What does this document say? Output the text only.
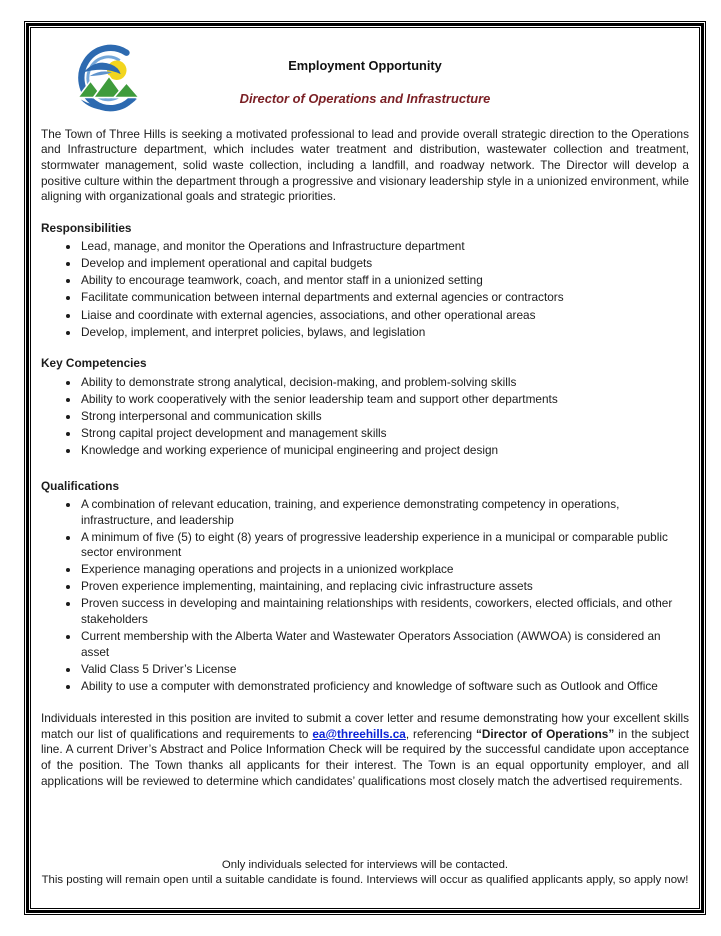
Employment Opportunity
Director of Operations and Infrastructure

The Town of Three Hills is seeking a motivated professional to lead and provide overall strategic direction to the Operations and Infrastructure department, which includes water treatment and distribution, wastewater collection and treatment, stormwater management, solid waste collection, including a landfill, and roadway network. The Director will develop a positive culture within the department through a progressive and visionary leadership style in a unionized environment, while aligning with organizational goals and strategic priorities.

Responsibilities
• Lead, manage, and monitor the Operations and Infrastructure department
• Develop and implement operational and capital budgets
• Ability to encourage teamwork, coach, and mentor staff in a unionized setting
• Facilitate communication between internal departments and external agencies or contractors
• Liaise and coordinate with external agencies, associations, and other operational areas
• Develop, implement, and interpret policies, bylaws, and legislation
Key Competencies
• Ability to demonstrate strong analytical, decision-making, and problem-solving skills
• Ability to work cooperatively with the senior leadership team and support other departments
• Strong interpersonal and communication skills
• Strong capital project development and management skills
• Knowledge and working experience of municipal engineering and project design
Qualifications
• A combination of relevant education, training, and experience demonstrating competency in operations, infrastructure, and leadership
• A minimum of five (5) to eight (8) years of progressive leadership experience in a municipal or comparable public sector environment
• Experience managing operations and projects in a unionized workplace
• Proven experience implementing, maintaining, and replacing civic infrastructure assets
• Proven success in developing and maintaining relationships with residents, coworkers, elected officials, and other stakeholders
• Current membership with the Alberta Water and Wastewater Operators Association (AWWOA) is considered an asset
• Valid Class 5 Driver’s License
• Ability to use a computer with demonstrated proficiency and knowledge of software such as Outlook and Office

Individuals interested in this position are invited to submit a cover letter and resume demonstrating how your excellent skills match our list of qualifications and requirements to ea@threehills.ca, referencing “Director of Operations” in the subject line. A current Driver’s Abstract and Police Information Check will be required by the successful candidate upon acceptance of the position. The Town thanks all applicants for their interest. The Town is an equal opportunity employer, and all applications will be reviewed to determine which candidates’ qualifications most closely match the advertised requirements.

Only individuals selected for interviews will be contacted.
This posting will remain open until a suitable candidate is found. Interviews will occur as qualified applicants apply, so apply now!
